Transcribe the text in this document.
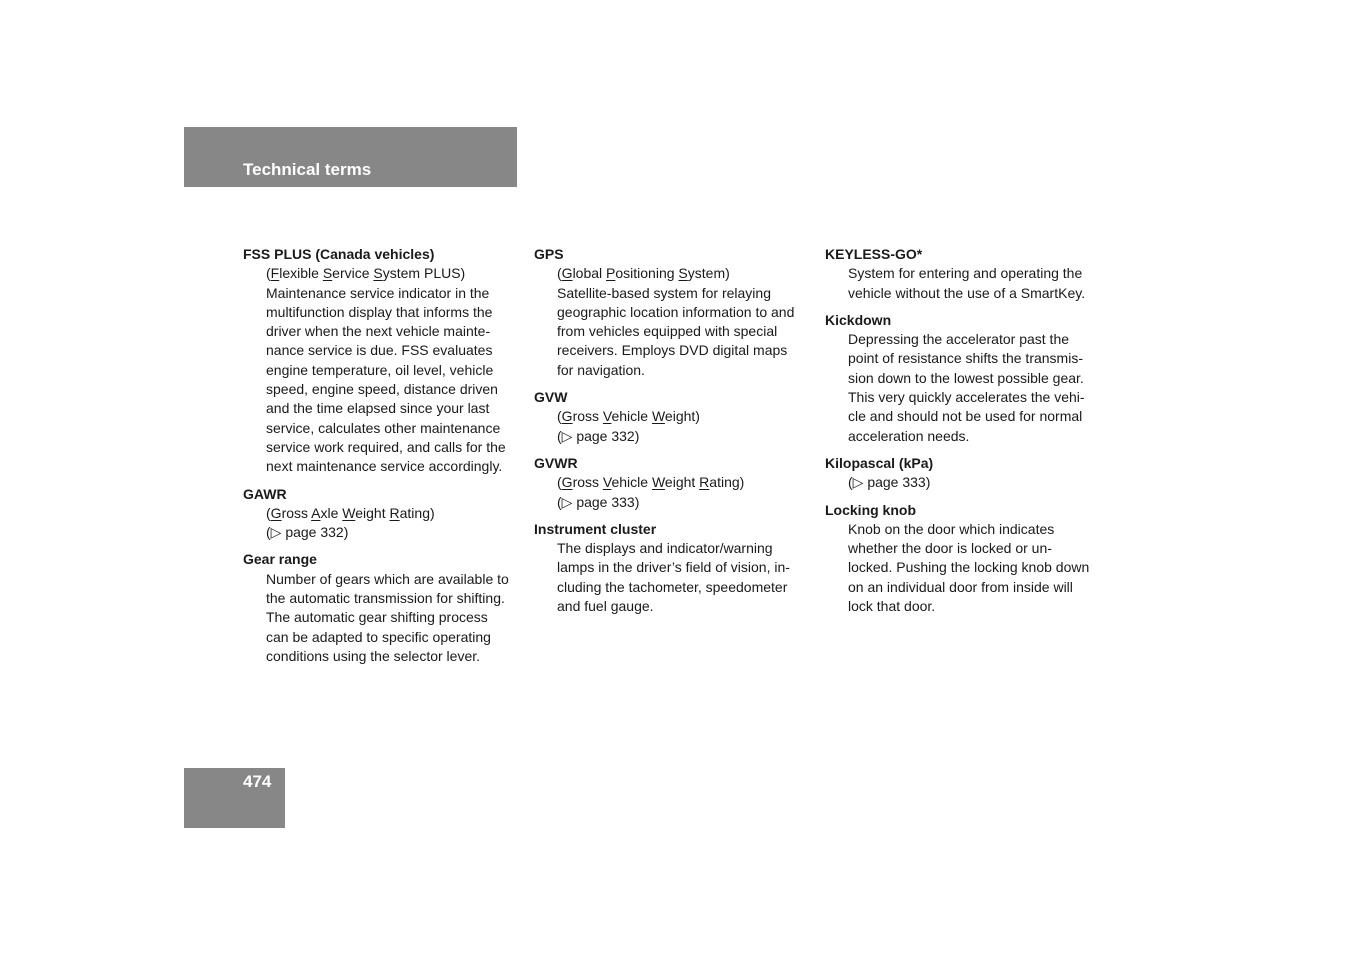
Technical terms
FSS PLUS (Canada vehicles)
(Flexible Service System PLUS)
Maintenance service indicator in the
multifunction display that informs the
driver when the next vehicle mainte-
nance service is due. FSS evaluates
engine temperature, oil level, vehicle
speed, engine speed, distance driven
and the time elapsed since your last
service, calculates other maintenance
service work required, and calls for the
next maintenance service accordingly.
GAWR
(Gross Axle Weight Rating)
(▷ page 332)
Gear range
Number of gears which are available to
the automatic transmission for shifting.
The automatic gear shifting process
can be adapted to specific operating
conditions using the selector lever.
GPS
(Global Positioning System)
Satellite-based system for relaying
geographic location information to and
from vehicles equipped with special
receivers. Employs DVD digital maps
for navigation.
GVW
(Gross Vehicle Weight)
(▷ page 332)
GVWR
(Gross Vehicle Weight Rating)
(▷ page 333)
Instrument cluster
The displays and indicator/warning
lamps in the driver’s field of vision, in-
cluding the tachometer, speedometer
and fuel gauge.
KEYLESS-GO*
System for entering and operating the
vehicle without the use of a SmartKey.
Kickdown
Depressing the accelerator past the
point of resistance shifts the transmis-
sion down to the lowest possible gear.
This very quickly accelerates the vehi-
cle and should not be used for normal
acceleration needs.
Kilopascal (kPa)
(▷ page 333)
Locking knob
Knob on the door which indicates
whether the door is locked or un-
locked. Pushing the locking knob down
on an individual door from inside will
lock that door.
474
